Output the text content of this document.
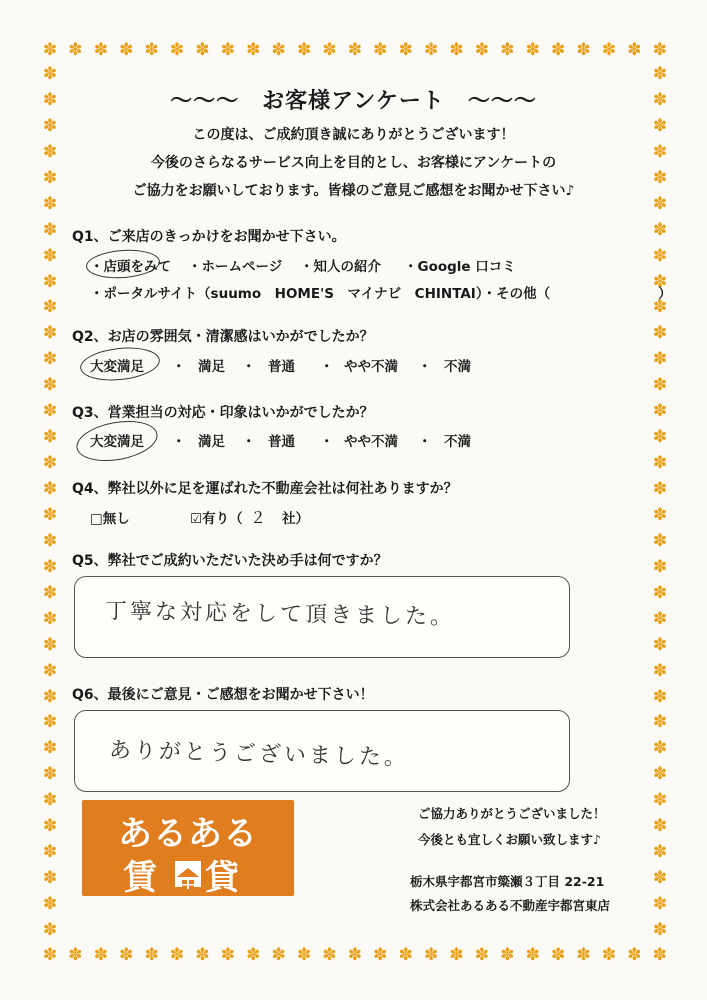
✽ ✽ ✽ ✽ ✽ ✽ ✽ ✽ ✽ ✽ ✽ ✽ ✽ ✽ ✽ ✽ ✽ ✽ ✽ ✽ ✽ ✽ ✽ ✽ ✽
✽ ✽ ✽ ✽ ✽ ✽ ✽ ✽ ✽ ✽ ✽ ✽ ✽ ✽ ✽ ✽ ✽ ✽ ✽ ✽ ✽ ✽ ✽ ✽ ✽
✽
✽
✽
✽
✽
✽
✽
✽
✽
✽
✽
✽
✽
✽
✽
✽
✽
✽
✽
✽
✽
✽
✽
✽
✽
✽
✽
✽
✽
✽
✽
✽
✽
✽
✽
✽
✽
✽
✽
✽
✽
✽
✽
✽
✽
✽
✽
✽
✽
✽
✽
✽
✽
✽
✽
✽
✽
✽
✽
✽
✽
✽
✽
✽
✽
✽
✽
✽
〜〜〜　お客様アンケート　〜〜〜
この度は、ご成約頂き誠にありがとうございます！
今後のさらなるサービス向上を目的とし、お客様にアンケートの
ご協力をお願いしております。皆様のご意見ご感想をお聞かせ下さい♪
Q1、ご来店のきっかけをお聞かせ下さい。
・店頭をみて ・ホームページ ・知人の紹介 ・Google 口コミ
・ポータルサイト（suumo　HOME'S　マイナビ　CHINTAI）・その他（　　　　　　　　）
Q2、お店の雰囲気・清潔感はいかがでしたか？
大変満足 ・ 満足 ・ 普通 ・ やや不満 ・ 不満
Q3、営業担当の対応・印象はいかがでしたか？
大変満足 ・ 満足 ・ 普通 ・ やや不満 ・ 不満
Q4、弊社以外に足を運ばれた不動産会社は何社ありますか？
□無し	☑有り（ ２ 社）
Q5、弊社でご成約いただいた決め手は何ですか？
丁寧な対応をして頂きました。
Q6、最後にご意見・ご感想をお聞かせ下さい！
ありがとうございました。
あるある
賃 貸
ご協力ありがとうございました！
今後とも宜しくお願い致します♪
栃木県宇都宮市簗瀬３丁目 22-21
株式会社あるある不動産宇都宮東店
